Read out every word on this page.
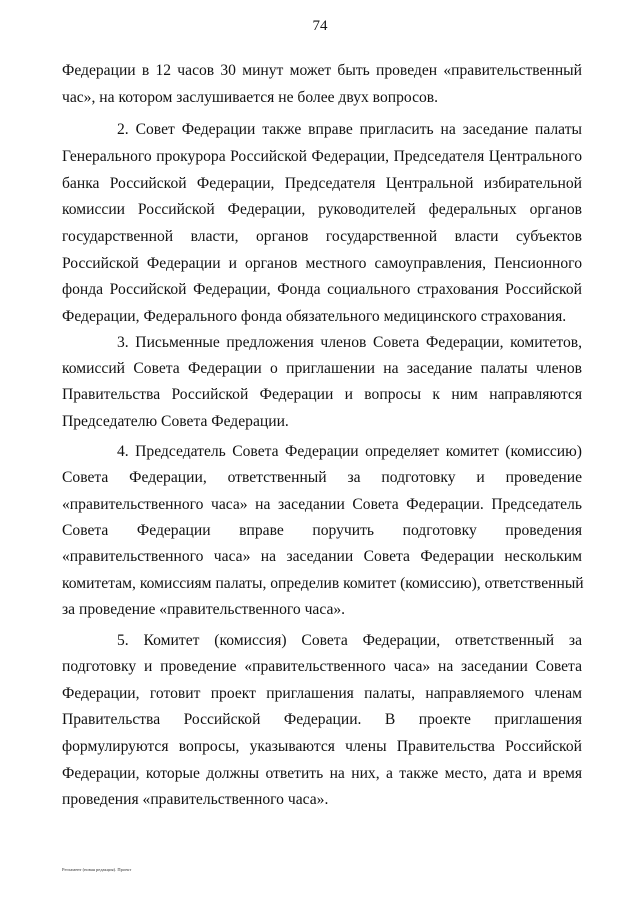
74
Федерации в 12 часов 30 минут может быть проведен «правительственный
час», на котором заслушивается не более двух вопросов.
2. Совет Федерации также вправе пригласить на заседание палаты
Генерального прокурора Российской Федерации, Председателя Центрального
банка Российской Федерации, Председателя Центральной избирательной
комиссии Российской Федерации, руководителей федеральных органов
государственной власти, органов государственной власти субъектов
Российской Федерации и органов местного самоуправления, Пенсионного
фонда Российской Федерации, Фонда социального страхования Российской
Федерации, Федерального фонда обязательного медицинского страхования.
3. Письменные предложения членов Совета Федерации, комитетов,
комиссий Совета Федерации о приглашении на заседание палаты членов
Правительства Российской Федерации и вопросы к ним направляются
Председателю Совета Федерации.
4. Председатель Совета Федерации определяет комитет (комиссию)
Совета Федерации, ответственный за подготовку и проведение
«правительственного часа» на заседании Совета Федерации. Председатель
Совета Федерации вправе поручить подготовку проведения
«правительственного часа» на заседании Совета Федерации нескольким
комитетам, комиссиям палаты, определив комитет (комиссию), ответственный
за проведение «правительственного часа».
5. Комитет (комиссия) Совета Федерации, ответственный за
подготовку и проведение «правительственного часа» на заседании Совета
Федерации, готовит проект приглашения палаты, направляемого членам
Правительства Российской Федерации. В проекте приглашения
формулируются вопросы, указываются члены Правительства Российской
Федерации, которые должны ответить на них, а также место, дата и время
проведения «правительственного часа».
Регламент (новая редакция). Проект
